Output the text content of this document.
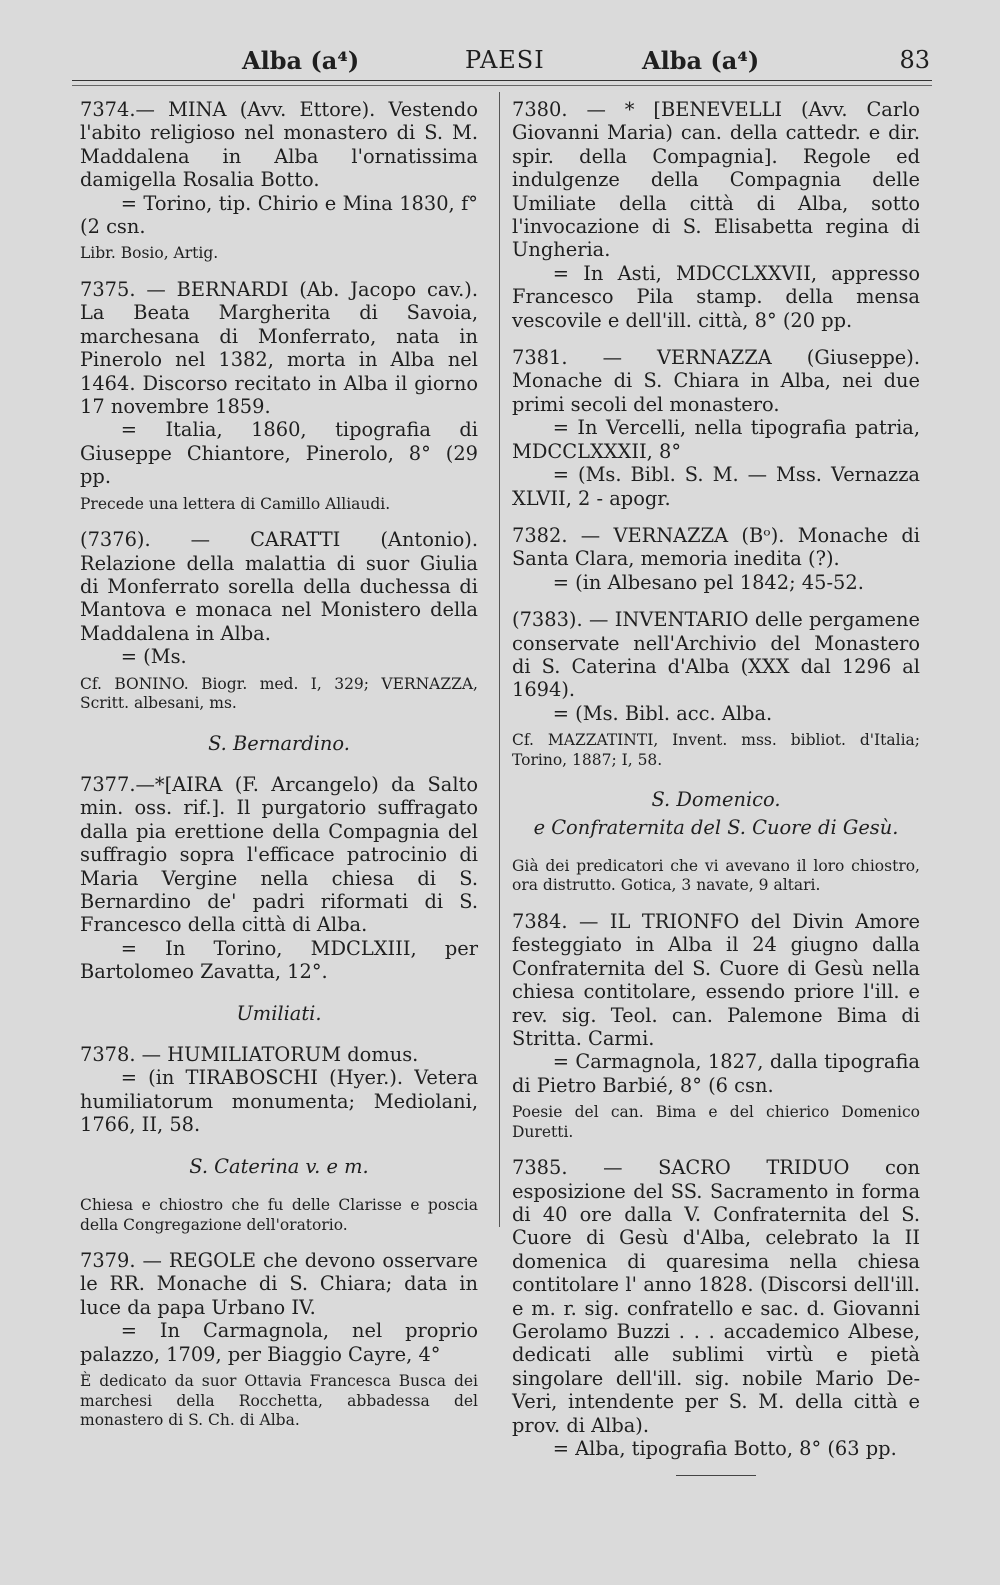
Alba (a⁴)	PAESI	Alba (a⁴)	83

7374.— MINA (Avv. Ettore). Vestendo l'abito religioso nel monastero di S. M. Maddalena in Alba l'ornatissima damigella Rosalia Botto.

= Torino, tip. Chirio e Mina 1830, f° (2 csn.

Libr. Bosio, Artig.

7375. — BERNARDI (Ab. Jacopo cav.). La Beata Margherita di Savoia, marchesana di Monferrato, nata in Pinerolo nel 1382, morta in Alba nel 1464. Discorso recitato in Alba il giorno 17 novembre 1859.

= Italia, 1860, tipografia di Giuseppe Chiantore, Pinerolo, 8° (29 pp.

Precede una lettera di Camillo Alliaudi.

(7376). — CARATTI (Antonio). Relazione della malattia di suor Giulia di Monferrato sorella della duchessa di Mantova e monaca nel Monistero della Maddalena in Alba.

= (Ms.

Cf. BONINO. Biogr. med. I, 329; VERNAZZA, Scritt. albesani, ms.

S. Bernardino.

7377.—*[AIRA (F. Arcangelo) da Salto min. oss. rif.]. Il purgatorio suffragato dalla pia erettione della Compagnia del suffragio sopra l'efficace patrocinio di Maria Vergine nella chiesa di S. Bernardino de' padri riformati di S. Francesco della città di Alba.

= In Torino, MDCLXIII, per Bartolomeo Zavatta, 12°.

Umiliati.

7378. — HUMILIATORUM domus.

= (in TIRABOSCHI (Hyer.). Vetera humiliatorum monumenta; Mediolani, 1766, II, 58.

S. Caterina v. e m.

Chiesa e chiostro che fu delle Clarisse e poscia della Congregazione dell'oratorio.

7379. — REGOLE che devono osservare le RR. Monache di S. Chiara; data in luce da papa Urbano IV.

= In Carmagnola, nel proprio palazzo, 1709, per Biaggio Cayre, 4°

È dedicato da suor Ottavia Francesca Busca dei marchesi della Rocchetta, abbadessa del monastero di S. Ch. di Alba.

7380. — * [BENEVELLI (Avv. Carlo Giovanni Maria) can. della cattedr. e dir. spir. della Compagnia]. Regole ed indulgenze della Compagnia delle Umiliate della città di Alba, sotto l'invocazione di S. Elisabetta regina di Ungheria.

= In Asti, MDCCLXXVII, appresso Francesco Pila stamp. della mensa vescovile e dell'ill. città, 8° (20 pp.

7381. — VERNAZZA (Giuseppe). Monache di S. Chiara in Alba, nei due primi secoli del monastero.

= In Vercelli, nella tipografia patria, MDCCLXXXII, 8°

= (Ms. Bibl. S. M. — Mss. Vernazza XLVII, 2 - apogr.

7382. — VERNAZZA (Bᵒ). Monache di Santa Clara, memoria inedita (?).

= (in Albesano pel 1842; 45-52.

(7383). — INVENTARIO delle pergamene conservate nell'Archivio del Monastero di S. Caterina d'Alba (XXX dal 1296 al 1694).

= (Ms. Bibl. acc. Alba.

Cf. MAZZATINTI, Invent. mss. bibliot. d'Italia; Torino, 1887; I, 58.

S. Domenico.
e Confraternita del S. Cuore di Gesù.

Già dei predicatori che vi avevano il loro chiostro, ora distrutto. Gotica, 3 navate, 9 altari.

7384. — IL TRIONFO del Divin Amore festeggiato in Alba il 24 giugno dalla Confraternita del S. Cuore di Gesù nella chiesa contitolare, essendo priore l'ill. e rev. sig. Teol. can. Palemone Bima di Stritta. Carmi.

= Carmagnola, 1827, dalla tipografia di Pietro Barbié, 8° (6 csn.

Poesie del can. Bima e del chierico Domenico Duretti.

7385. — SACRO TRIDUO con esposizione del SS. Sacramento in forma di 40 ore dalla V. Confraternita del S. Cuore di Gesù d'Alba, celebrato la II domenica di quaresima nella chiesa contitolare l' anno 1828. (Discorsi dell'ill. e m. r. sig. confratello e sac. d. Giovanni Gerolamo Buzzi . . . accademico Albese, dedicati alle sublimi virtù e pietà singolare dell'ill. sig. nobile Mario De-Veri, intendente per S. M. della città e prov. di Alba).

= Alba, tipografia Botto, 8° (63 pp.
